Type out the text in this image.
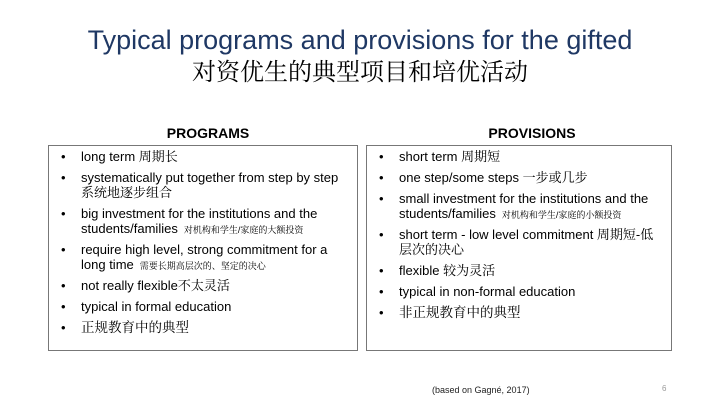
Typical programs and provisions for the gifted
对资优生的典型项目和培优活动
PROGRAMS	PROVISIONS
• long term 周期长
• systematically put together from step by step 系统地逐步组合
• big investment for the institutions and the students/families 对机构和学生/家庭的大额投资
• require high level, strong commitment for a long time 需要长期高层次的、坚定的决心
• not really flexible不太灵活
• typical in formal education
• 正规教育中的典型
• short term 周期短
• one step/some steps 一步或几步
• small investment for the institutions and the students/families 对机构和学生/家庭的小额投资
• short term - low level commitment 周期短-低层次的决心
• flexible 较为灵活
• typical in non-formal education
• 非正规教育中的典型
(based on Gagné, 2017)	6
